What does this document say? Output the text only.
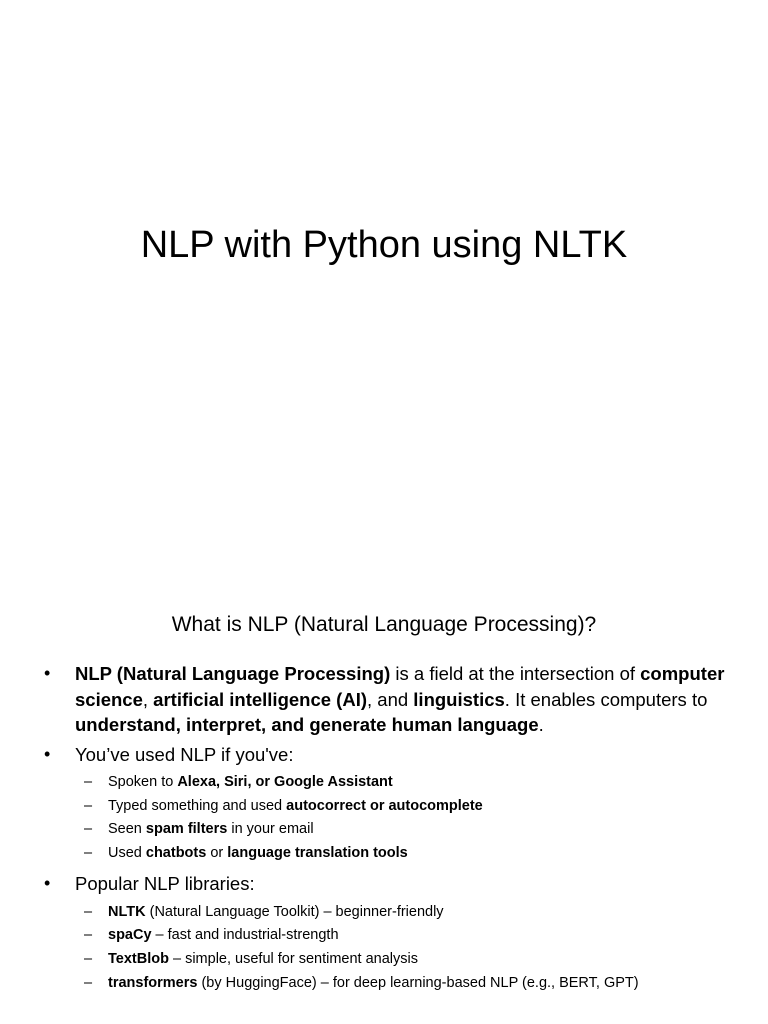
NLP with Python using NLTK
What is NLP (Natural Language Processing)?
• NLP (Natural Language Processing) is a field at the intersection of computer science, artificial intelligence (AI), and linguistics. It enables computers to understand, interpret, and generate human language.
• You’ve used NLP if you've:
– Spoken to Alexa, Siri, or Google Assistant
– Typed something and used autocorrect or autocomplete
– Seen spam filters in your email
– Used chatbots or language translation tools
• Popular NLP libraries:
– NLTK (Natural Language Toolkit) – beginner-friendly
– spaCy – fast and industrial-strength
– TextBlob – simple, useful for sentiment analysis
– transformers (by HuggingFace) – for deep learning-based NLP (e.g., BERT, GPT)
